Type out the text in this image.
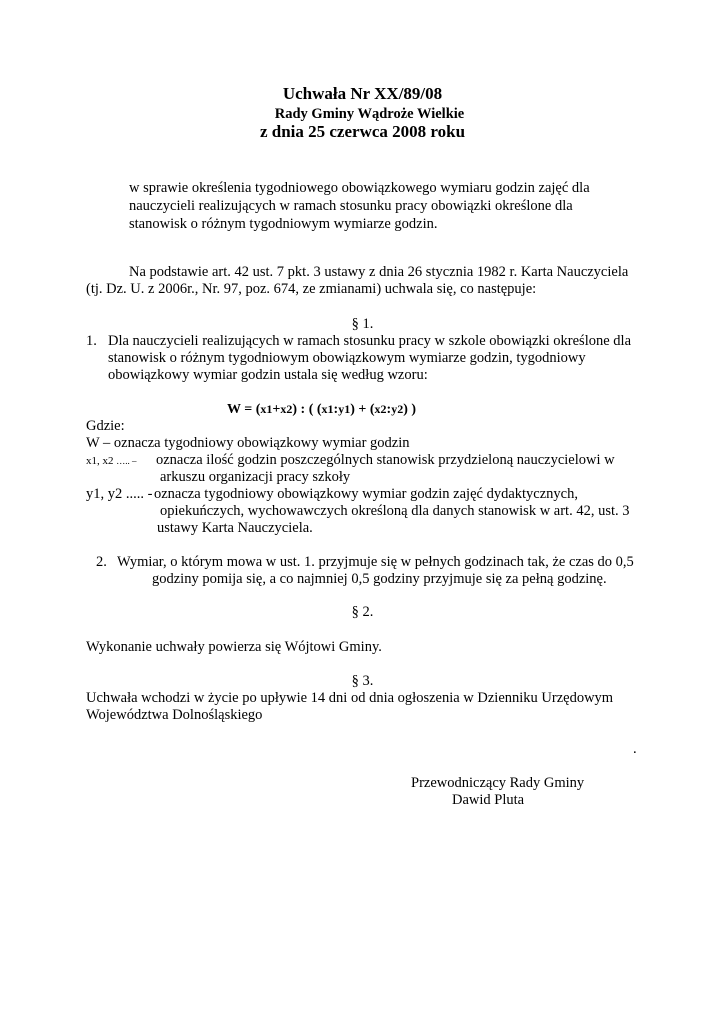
Uchwała Nr XX/89/08
Rady Gminy Wądroże Wielkie
z dnia 25 czerwca 2008 roku
w sprawie określenia tygodniowego obowiązkowego wymiaru godzin zajęć dla
nauczycieli realizujących w ramach stosunku pracy obowiązki określone dla
stanowisk o różnym tygodniowym wymiarze godzin.
Na podstawie art. 42 ust. 7 pkt. 3 ustawy z dnia 26 stycznia 1982 r. Karta Nauczyciela
(tj. Dz. U. z 2006r., Nr. 97, poz. 674, ze zmianami) uchwala się, co następuje:
§ 1.
1. Dla nauczycieli realizujących w ramach stosunku pracy w szkole obowiązki określone dla
stanowisk o różnym tygodniowym obowiązkowym wymiarze godzin, tygodniowy
obowiązkowy wymiar godzin ustala się według wzoru:
W = (x1+x2) : ( (x1:y1) + (x2:y2) )
Gdzie:
W – oznacza tygodniowy obowiązkowy wymiar godzin
x1, x2 ….. – oznacza ilość godzin poszczególnych stanowisk przydzieloną nauczycielowi w
arkuszu organizacji pracy szkoły
y1, y2 ..... - oznacza tygodniowy obowiązkowy wymiar godzin zajęć dydaktycznych,
opiekuńczych, wychowawczych określoną dla danych stanowisk w art. 42, ust. 3
ustawy Karta Nauczyciela.
2. Wymiar, o którym mowa w ust. 1. przyjmuje się w pełnych godzinach tak, że czas do 0,5
godziny pomija się, a co najmniej 0,5 godziny przyjmuje się za pełną godzinę.
§ 2.
Wykonanie uchwały powierza się Wójtowi Gminy.
§ 3.
Uchwała wchodzi w życie po upływie 14 dni od dnia ogłoszenia w Dzienniku Urzędowym
Województwa Dolnośląskiego
.
Przewodniczący Rady Gminy
Dawid Pluta
